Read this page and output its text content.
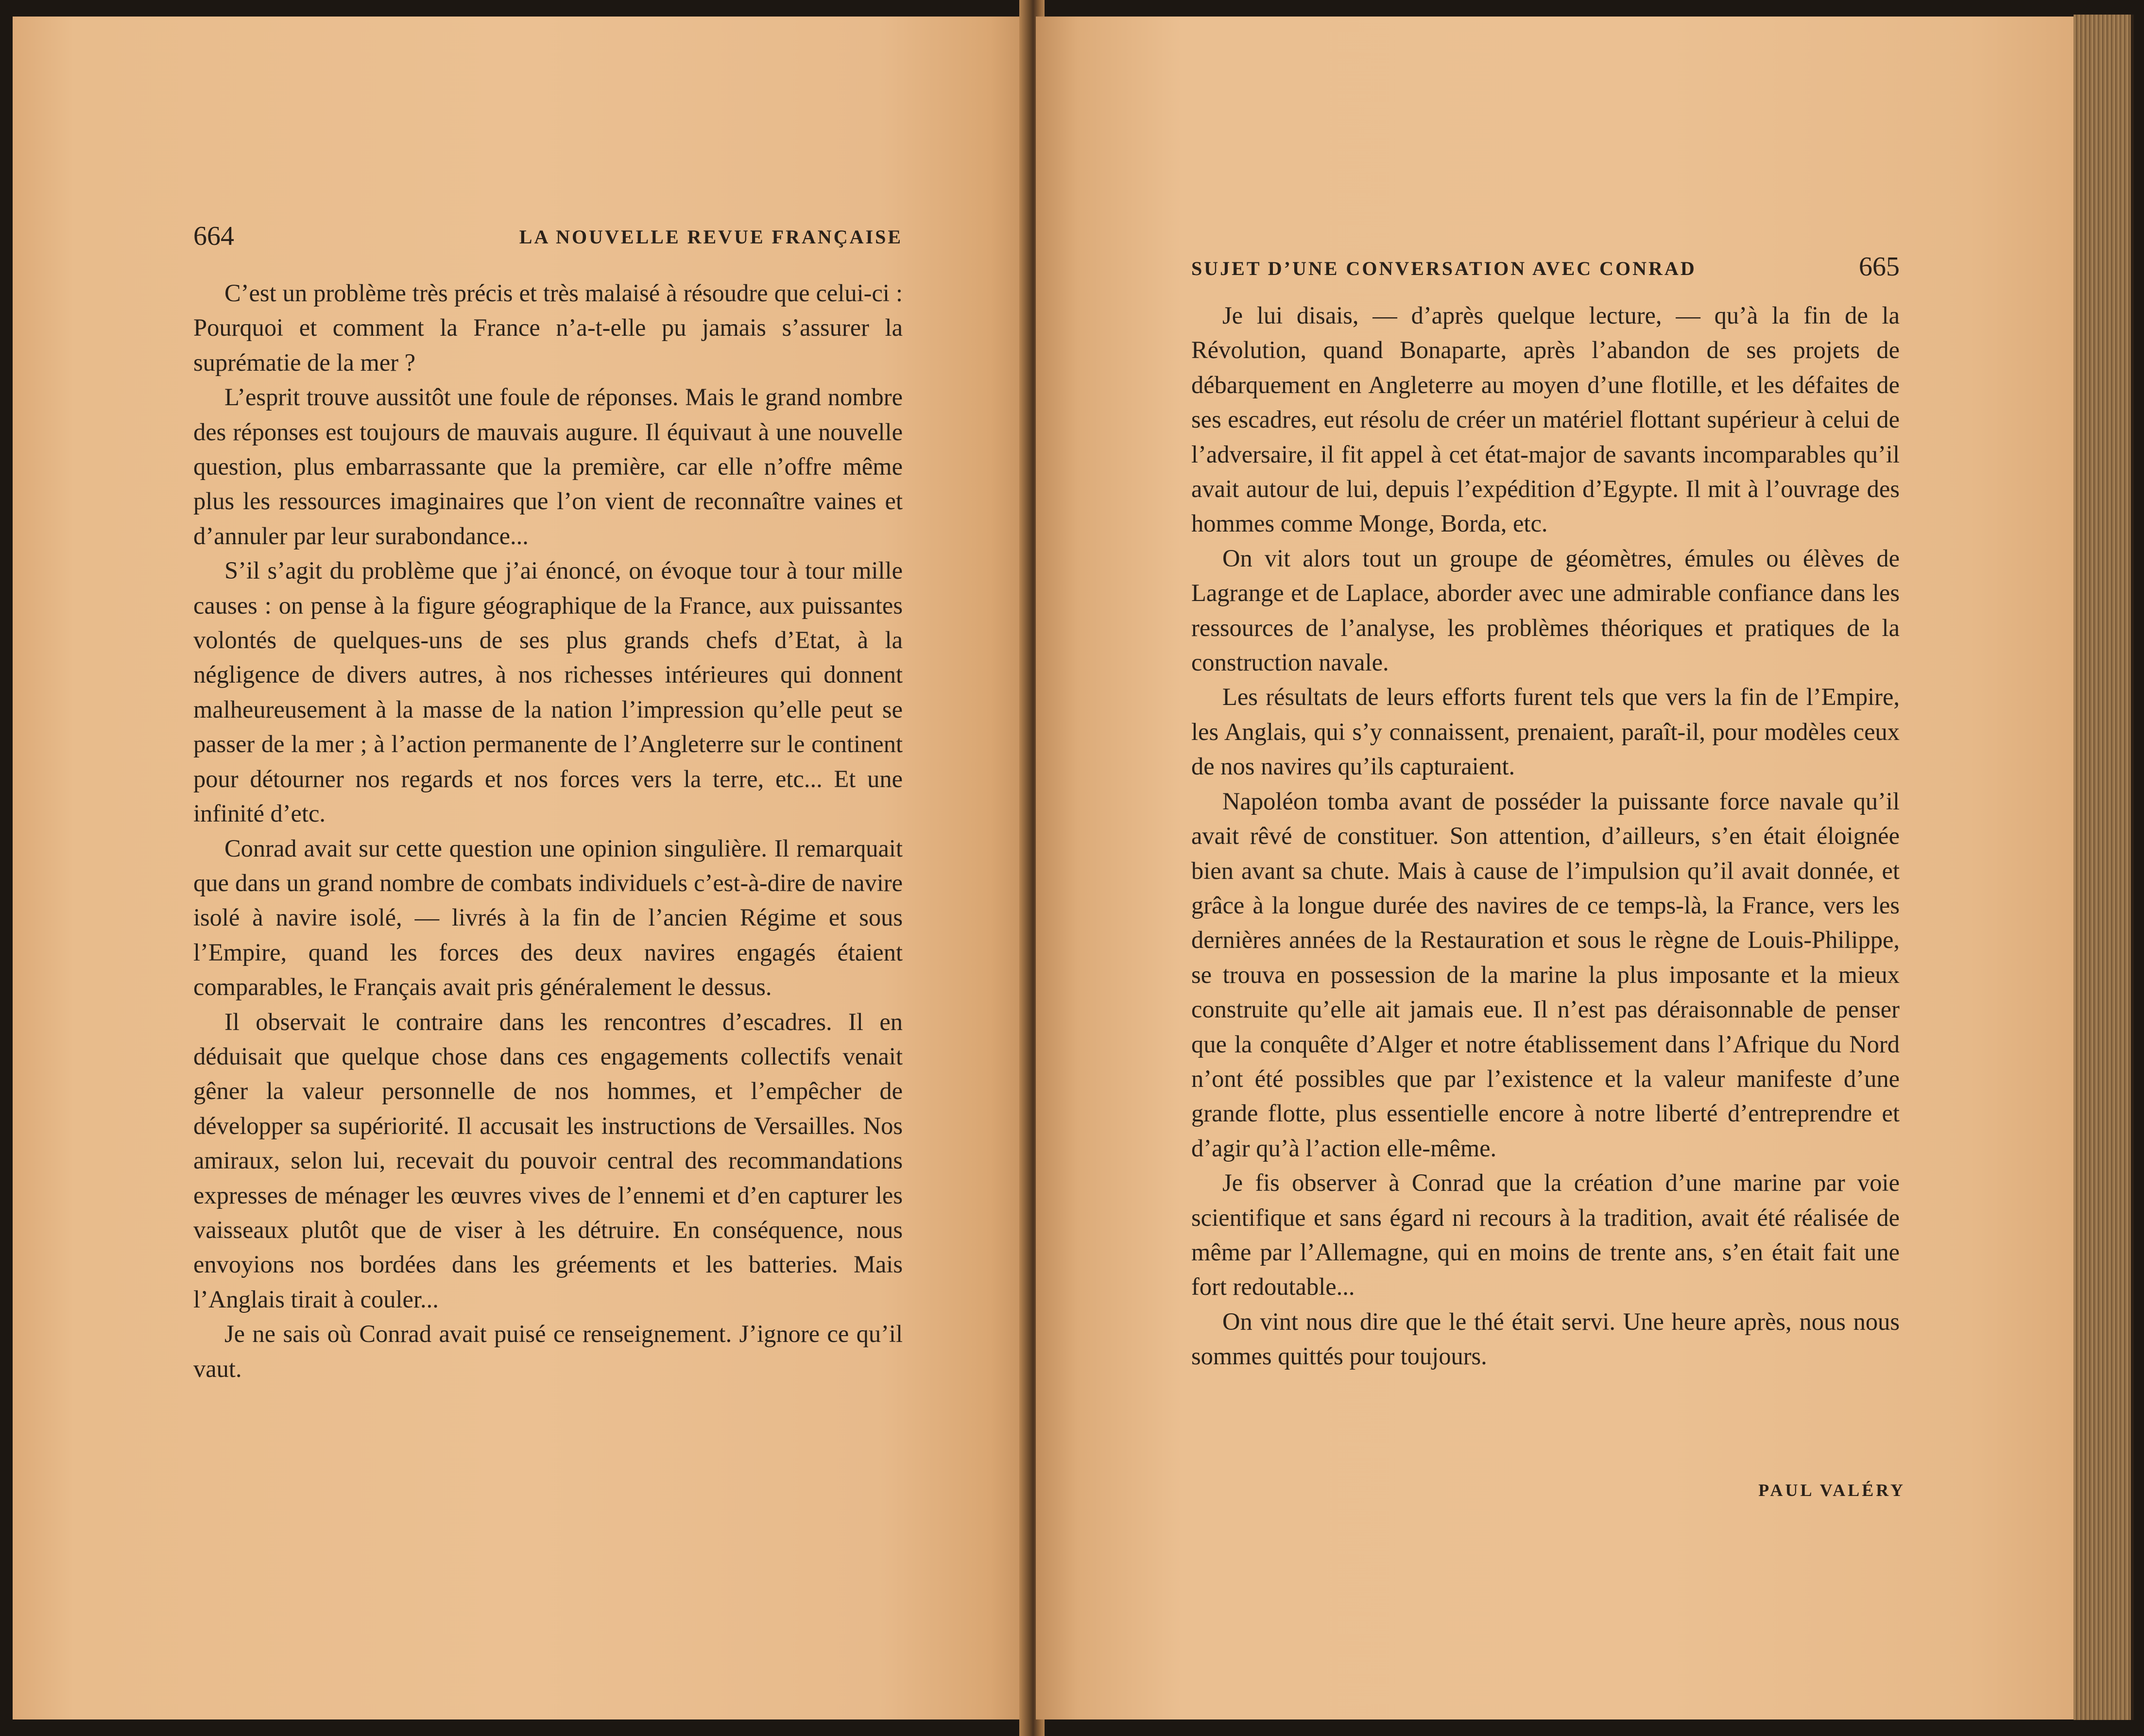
664	LA NOUVELLE REVUE FRANÇAISE

C’est un problème très précis et très malaisé à résoudre que celui-ci : Pourquoi et comment la France n’a-t-elle pu jamais s’assurer la suprématie de la mer ?

L’esprit trouve aussitôt une foule de réponses. Mais le grand nombre des réponses est toujours de mauvais augure. Il équivaut à une nouvelle question, plus embarrassante que la première, car elle n’offre même plus les ressources imaginaires que l’on vient de reconnaître vaines et d’annuler par leur surabondance...

S’il s’agit du problème que j’ai énoncé, on évoque tour à tour mille causes : on pense à la figure géographique de la France, aux puissantes volontés de quelques-uns de ses plus grands chefs d’Etat, à la négligence de divers autres, à nos richesses intérieures qui donnent malheureusement à la masse de la nation l’impression qu’elle peut se passer de la mer ; à l’action permanente de l’Angleterre sur le continent pour détourner nos regards et nos forces vers la terre, etc... Et une infinité d’etc.

Conrad avait sur cette question une opinion singulière. Il remarquait que dans un grand nombre de combats individuels c’est-à-dire de navire isolé à navire isolé, — livrés à la fin de l’ancien Régime et sous l’Empire, quand les forces des deux navires engagés étaient comparables, le Français avait pris généralement le dessus.

Il observait le contraire dans les rencontres d’escadres. Il en déduisait que quelque chose dans ces engagements collectifs venait gêner la valeur personnelle de nos hommes, et l’empêcher de développer sa supériorité. Il accusait les instructions de Versailles. Nos amiraux, selon lui, recevait du pouvoir central des recommandations expresses de ménager les œuvres vives de l’ennemi et d’en capturer les vaisseaux plutôt que de viser à les détruire. En conséquence, nous envoyions nos bordées dans les gréements et les batteries. Mais l’Anglais tirait à couler...

Je ne sais où Conrad avait puisé ce renseignement. J’ignore ce qu’il vaut.

SUJET D’UNE CONVERSATION AVEC CONRAD	665

Je lui disais, — d’après quelque lecture, — qu’à la fin de la Révolution, quand Bonaparte, après l’abandon de ses projets de débarquement en Angleterre au moyen d’une flotille, et les défaites de ses escadres, eut résolu de créer un matériel flottant supérieur à celui de l’adversaire, il fit appel à cet état-major de savants incomparables qu’il avait autour de lui, depuis l’expédition d’Egypte. Il mit à l’ouvrage des hommes comme Monge, Borda, etc.

On vit alors tout un groupe de géomètres, émules ou élèves de Lagrange et de Laplace, aborder avec une admirable confiance dans les ressources de l’analyse, les problèmes théoriques et pratiques de la construction navale.

Les résultats de leurs efforts furent tels que vers la fin de l’Empire, les Anglais, qui s’y connaissent, prenaient, paraît-il, pour modèles ceux de nos navires qu’ils capturaient.

Napoléon tomba avant de posséder la puissante force navale qu’il avait rêvé de constituer. Son attention, d’ailleurs, s’en était éloignée bien avant sa chute. Mais à cause de l’impulsion qu’il avait donnée, et grâce à la longue durée des navires de ce temps-là, la France, vers les dernières années de la Restauration et sous le règne de Louis-Philippe, se trouva en possession de la marine la plus imposante et la mieux construite qu’elle ait jamais eue. Il n’est pas déraisonnable de penser que la conquête d’Alger et notre établissement dans l’Afrique du Nord n’ont été possibles que par l’existence et la valeur manifeste d’une grande flotte, plus essentielle encore à notre liberté d’entreprendre et d’agir qu’à l’action elle-même.

Je fis observer à Conrad que la création d’une marine par voie scientifique et sans égard ni recours à la tradition, avait été réalisée de même par l’Allemagne, qui en moins de trente ans, s’en était fait une fort redoutable...

On vint nous dire que le thé était servi. Une heure après, nous nous sommes quittés pour toujours.

PAUL VALÉRY
